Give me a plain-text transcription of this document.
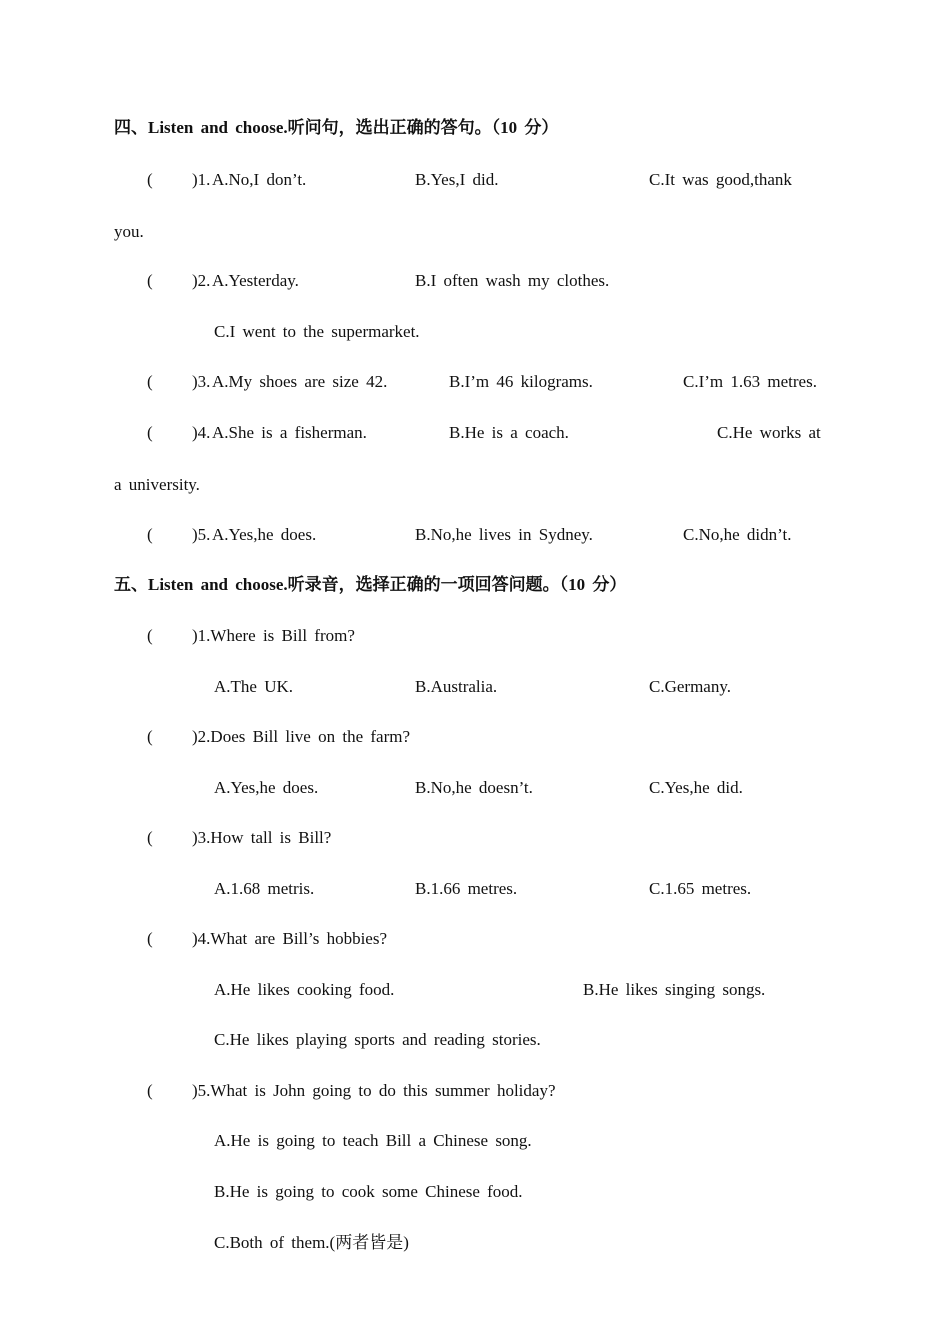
四、Listen and choose.听问句，选出正确的答句。（10 分）
( )1. A.No,I don’t.	B.Yes,I did.	C.It was good,thank
you.
( )2. A.Yesterday.	B.I often wash my clothes.
C.I went to the supermarket.
( )3. A.My shoes are size 42.	B.I’m 46 kilograms.	C.I’m 1.63 metres.
( )4. A.She is a fisherman.	B.He is a coach.	C.He works at
a university.
( )5. A.Yes,he does.	B.No,he lives in Sydney.	C.No,he didn’t.
五、Listen and choose.听录音，选择正确的一项回答问题。（10 分）
( )1.Where is Bill from?
A.The UK.	B.Australia.	C.Germany.
( )2.Does Bill live on the farm?
A.Yes,he does.	B.No,he doesn’t.	C.Yes,he did.
( )3.How tall is Bill?
A.1.68 metris.	B.1.66 metres.	C.1.65 metres.
( )4.What are Bill’s hobbies?
A.He likes cooking food.	B.He likes singing songs.
C.He likes playing sports and reading stories.
( )5.What is John going to do this summer holiday?
A.He is going to teach Bill a Chinese song.
B.He is going to cook some Chinese food.
C.Both of them.(两者皆是)
